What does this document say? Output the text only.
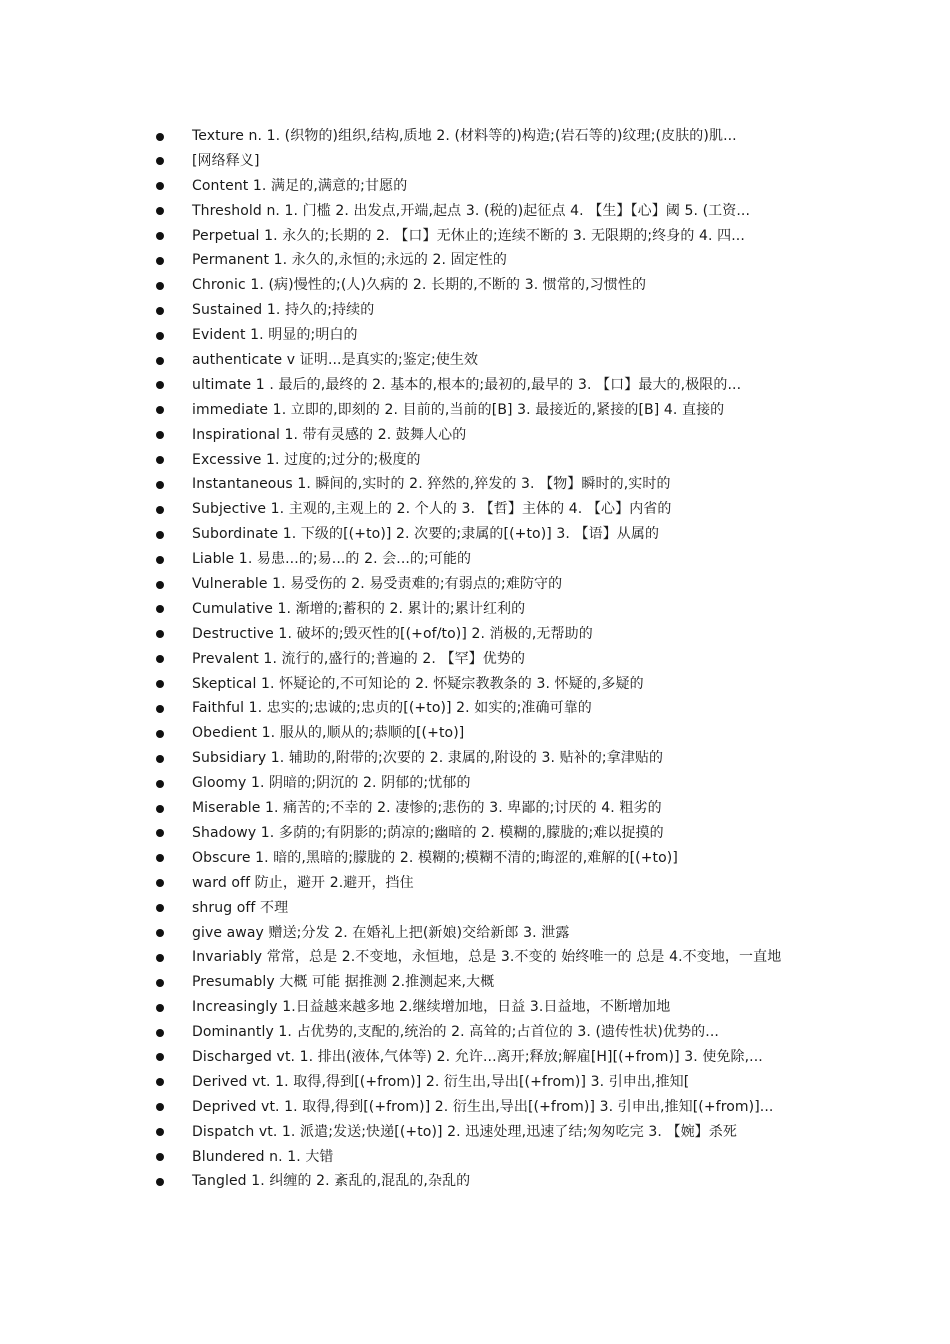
Texture n. 1. (织物的)组织,结构,质地 2. (材料等的)构造;(岩石等的)纹理;(皮肤的)肌...
[网络释义]
Content 1. 满足的,满意的;甘愿的
Threshold n. 1. 门槛 2. 出发点,开端,起点 3. (税的)起征点 4. 【生】【心】阈 5. (工资...
Perpetual 1. 永久的;长期的 2. 【口】无休止的;连续不断的 3. 无限期的;终身的 4. 四...
Permanent 1. 永久的,永恒的;永远的 2. 固定性的
Chronic 1. (病)慢性的;(人)久病的 2. 长期的,不断的 3. 惯常的,习惯性的
Sustained 1. 持久的;持续的
Evident 1. 明显的;明白的
authenticate v 证明...是真实的;鉴定;使生效
ultimate 1 . 最后的,最终的 2. 基本的,根本的;最初的,最早的 3. 【口】最大的,极限的...
immediate 1. 立即的,即刻的 2. 目前的,当前的[B] 3. 最接近的,紧接的[B] 4. 直接的
Inspirational 1. 带有灵感的 2. 鼓舞人心的
Excessive 1. 过度的;过分的;极度的
Instantaneous 1. 瞬间的,实时的 2. 猝然的,猝发的 3. 【物】瞬时的,实时的
Subjective 1. 主观的,主观上的 2. 个人的 3. 【哲】主体的 4. 【心】内省的
Subordinate 1. 下级的[(+to)] 2. 次要的;隶属的[(+to)] 3. 【语】从属的
Liable 1. 易患...的;易...的 2. 会...的;可能的
Vulnerable 1. 易受伤的 2. 易受责难的;有弱点的;难防守的
Cumulative 1. 渐增的;蓄积的 2. 累计的;累计红利的
Destructive 1. 破坏的;毁灭性的[(+of/to)] 2. 消极的,无帮助的
Prevalent 1. 流行的,盛行的;普遍的 2. 【罕】优势的
Skeptical 1. 怀疑论的,不可知论的 2. 怀疑宗教教条的 3. 怀疑的,多疑的
Faithful 1. 忠实的;忠诚的;忠贞的[(+to)] 2. 如实的;准确可靠的
Obedient 1. 服从的,顺从的;恭顺的[(+to)]
Subsidiary 1. 辅助的,附带的;次要的 2. 隶属的,附设的 3. 贴补的;拿津贴的
Gloomy 1. 阴暗的;阴沉的 2. 阴郁的;忧郁的
Miserable 1. 痛苦的;不幸的 2. 凄惨的;悲伤的 3. 卑鄙的;讨厌的 4. 粗劣的
Shadowy 1. 多荫的;有阴影的;荫凉的;幽暗的 2. 模糊的,朦胧的;难以捉摸的
Obscure 1. 暗的,黑暗的;朦胧的 2. 模糊的;模糊不清的;晦涩的,难解的[(+to)]
ward off 防止，避开 2.避开，挡住
shrug off 不理
give away 赠送;分发 2. 在婚礼上把(新娘)交给新郎 3. 泄露
Invariably 常常，总是 2.不变地，永恒地，总是 3.不变的 始终唯一的 总是 4.不变地，一直地
Presumably 大概 可能 据推测 2.推测起来,大概
Increasingly 1.日益越来越多地 2.继续增加地，日益 3.日益地，不断增加地
Dominantly 1. 占优势的,支配的,统治的 2. 高耸的;占首位的 3. (遗传性状)优势的...
Discharged vt. 1. 排出(液体,气体等) 2. 允许...离开;释放;解雇[H][(+from)] 3. 使免除,...
Derived vt. 1. 取得,得到[(+from)] 2. 衍生出,导出[(+from)] 3. 引申出,推知[
Deprived vt. 1. 取得,得到[(+from)] 2. 衍生出,导出[(+from)] 3. 引申出,推知[(+from)]...
Dispatch vt. 1. 派遣;发送;快递[(+to)] 2. 迅速处理,迅速了结;匆匆吃完 3. 【婉】杀死
Blundered n. 1. 大错
Tangled 1. 纠缠的 2. 紊乱的,混乱的,杂乱的
